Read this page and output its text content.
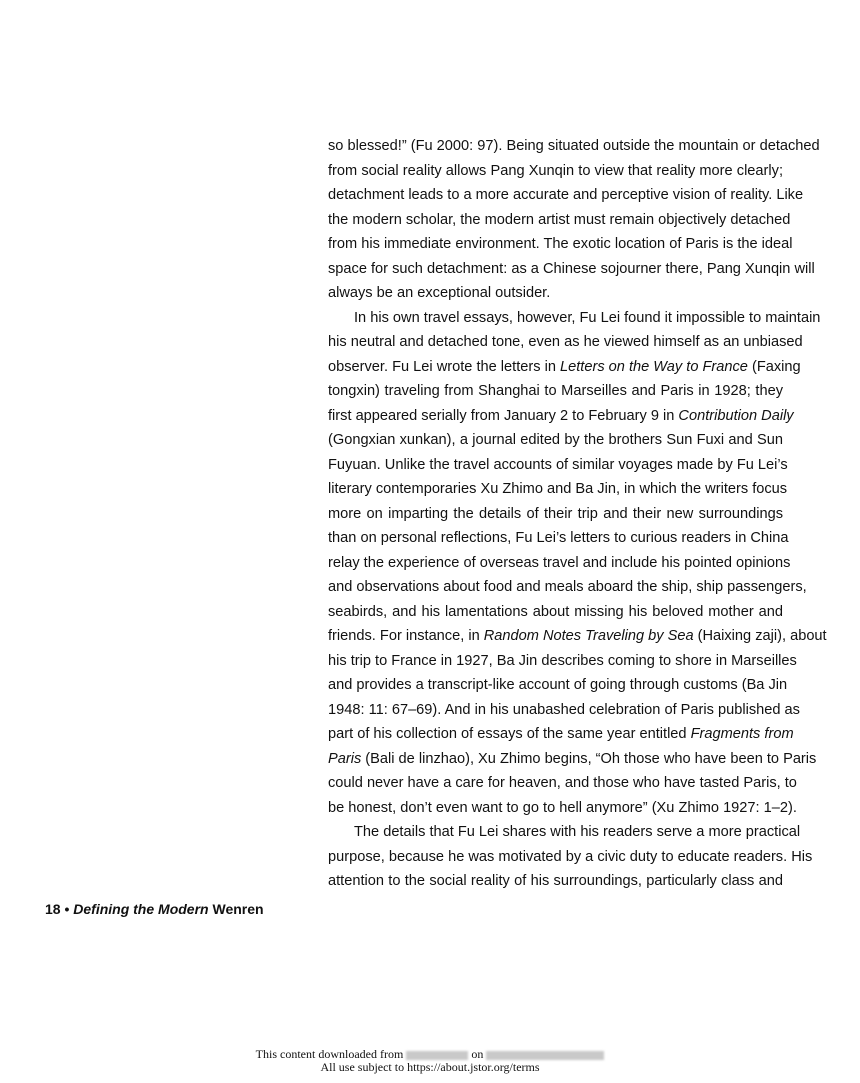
so blessed!” (Fu 2000: 97). Being situated outside the mountain or detached
from social reality allows Pang Xunqin to view that reality more clearly;
detachment leads to a more accurate and perceptive vision of reality. Like
the modern scholar, the modern artist must remain objectively detached
from his immediate environment. The exotic location of Paris is the ideal
space for such detachment: as a Chinese sojourner there, Pang Xunqin will
always be an exceptional outsider.
In his own travel essays, however, Fu Lei found it impossible to maintain
his neutral and detached tone, even as he viewed himself as an unbiased
observer. Fu Lei wrote the letters in Letters on the Way to France (Faxing
tongxin) traveling from Shanghai to Marseilles and Paris in 1928; they
first appeared serially from January 2 to February 9 in Contribution Daily
(Gongxian xunkan), a journal edited by the brothers Sun Fuxi and Sun
Fuyuan. Unlike the travel accounts of similar voyages made by Fu Lei’s
literary contemporaries Xu Zhimo and Ba Jin, in which the writers focus
more on imparting the details of their trip and their new surroundings
than on personal reflections, Fu Lei’s letters to curious readers in China
relay the experience of overseas travel and include his pointed opinions
and observations about food and meals aboard the ship, ship passengers,
seabirds, and his lamentations about missing his beloved mother and
friends. For instance, in Random Notes Traveling by Sea (Haixing zaji), about
his trip to France in 1927, Ba Jin describes coming to shore in Marseilles
and provides a transcript-like account of going through customs (Ba Jin
1948: 11: 67–69). And in his unabashed celebration of Paris published as
part of his collection of essays of the same year entitled Fragments from
Paris (Bali de linzhao), Xu Zhimo begins, “Oh those who have been to Paris
could never have a care for heaven, and those who have tasted Paris, to
be honest, don’t even want to go to hell anymore” (Xu Zhimo 1927: 1–2).
The details that Fu Lei shares with his readers serve a more practical
purpose, because he was motivated by a civic duty to educate readers. His
attention to the social reality of his surroundings, particularly class and
18 • Defining the Modern Wenren
This content downloaded from	on
All use subject to https://about.jstor.org/terms
